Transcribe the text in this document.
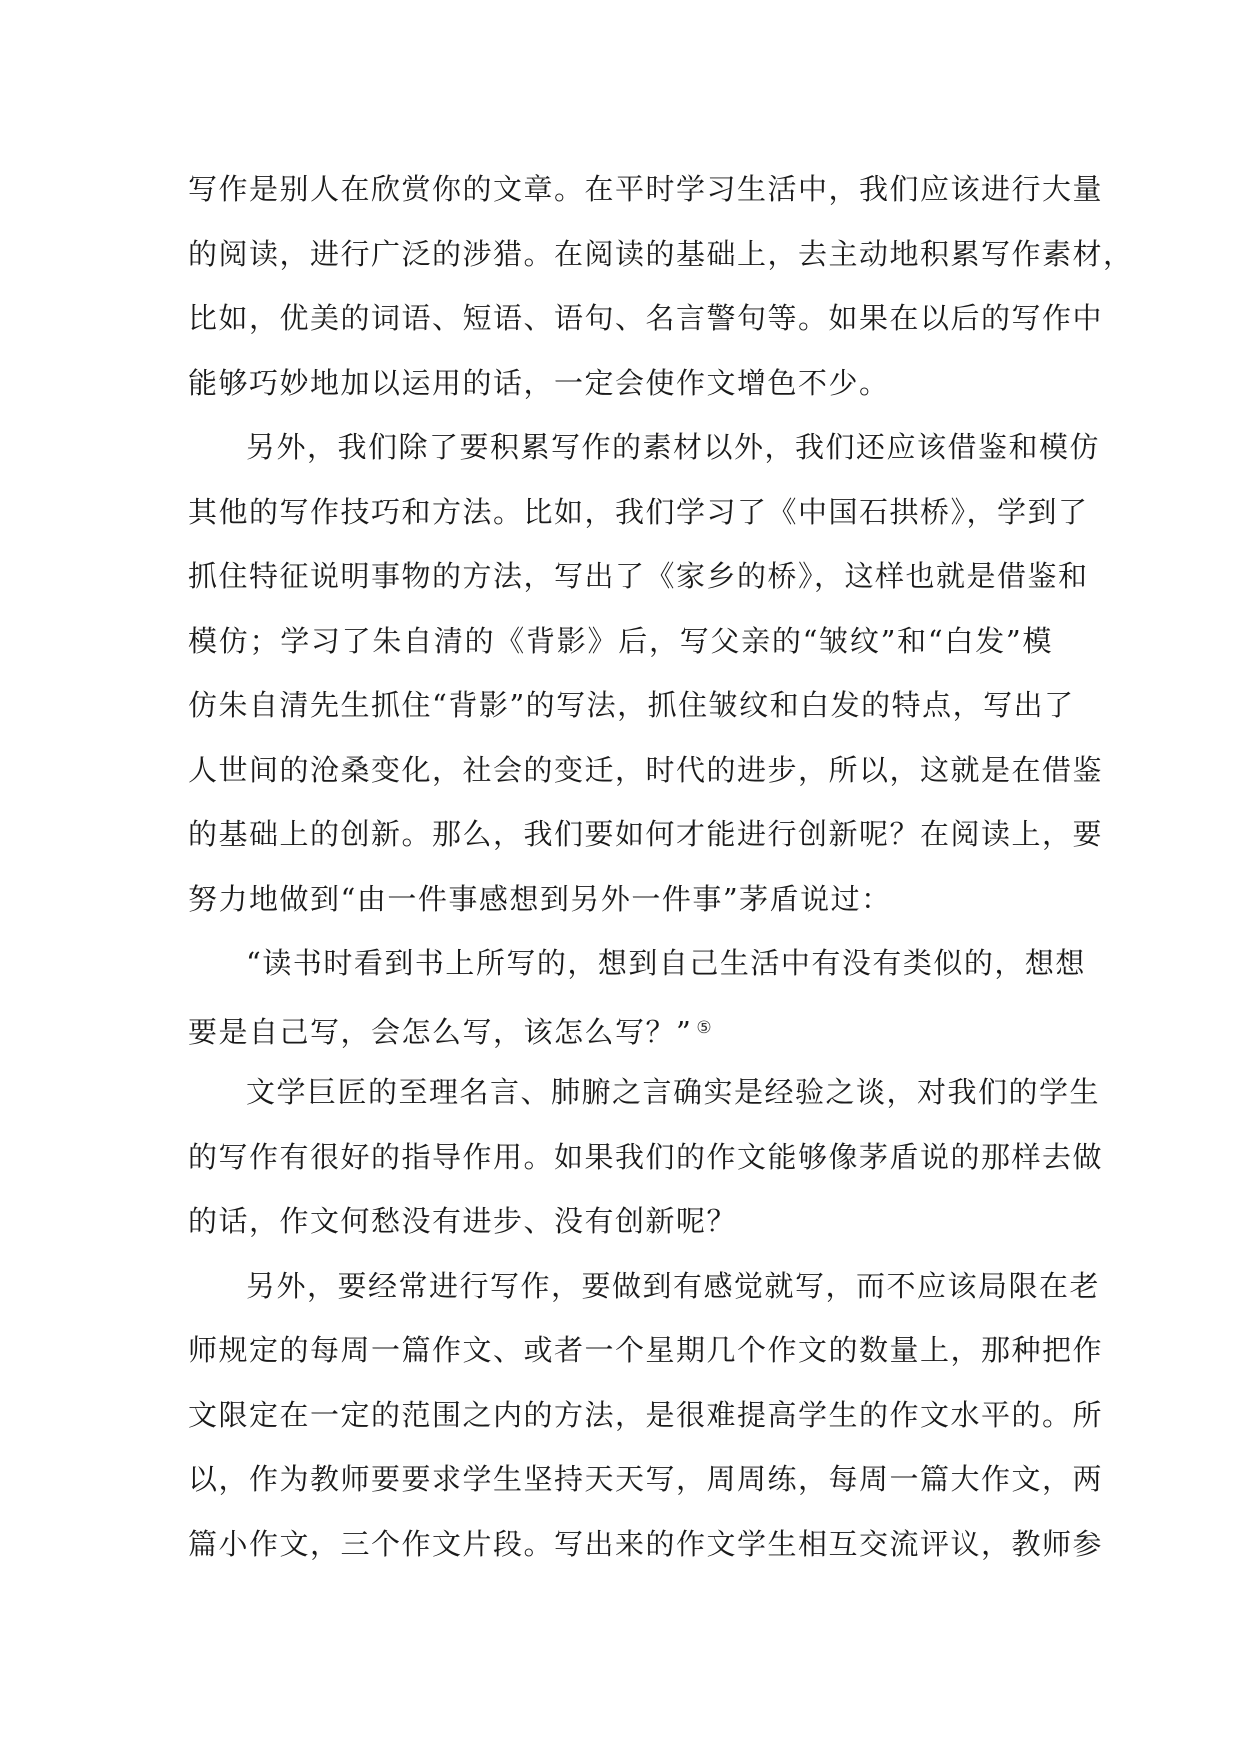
写作是别人在欣赏你的文章。在平时学习生活中，我们应该进行大量
的阅读，进行广泛的涉猎。在阅读的基础上，去主动地积累写作素材，
比如，优美的词语、短语、语句、名言警句等。如果在以后的写作中
能够巧妙地加以运用的话，一定会使作文增色不少。
另外，我们除了要积累写作的素材以外，我们还应该借鉴和模仿
其他的写作技巧和方法。比如，我们学习了《中国石拱桥》，学到了
抓住特征说明事物的方法，写出了《家乡的桥》，这样也就是借鉴和
模仿；学习了朱自清的《背影》后，写父亲的“皱纹”和“白发”模
仿朱自清先生抓住“背影”的写法，抓住皱纹和白发的特点，写出了
人世间的沧桑变化，社会的变迁，时代的进步，所以，这就是在借鉴
的基础上的创新。那么，我们要如何才能进行创新呢？在阅读上，要
努力地做到“由一件事感想到另外一件事”茅盾说过：
“读书时看到书上所写的，想到自己生活中有没有类似的，想想
要是自己写，会怎么写，该怎么写？” ⑤
文学巨匠的至理名言、肺腑之言确实是经验之谈，对我们的学生
的写作有很好的指导作用。如果我们的作文能够像茅盾说的那样去做
的话，作文何愁没有进步、没有创新呢？
另外，要经常进行写作，要做到有感觉就写，而不应该局限在老
师规定的每周一篇作文、或者一个星期几个作文的数量上，那种把作
文限定在一定的范围之内的方法，是很难提高学生的作文水平的。所
以，作为教师要要求学生坚持天天写，周周练，每周一篇大作文，两
篇小作文，三个作文片段。写出来的作文学生相互交流评议，教师参
